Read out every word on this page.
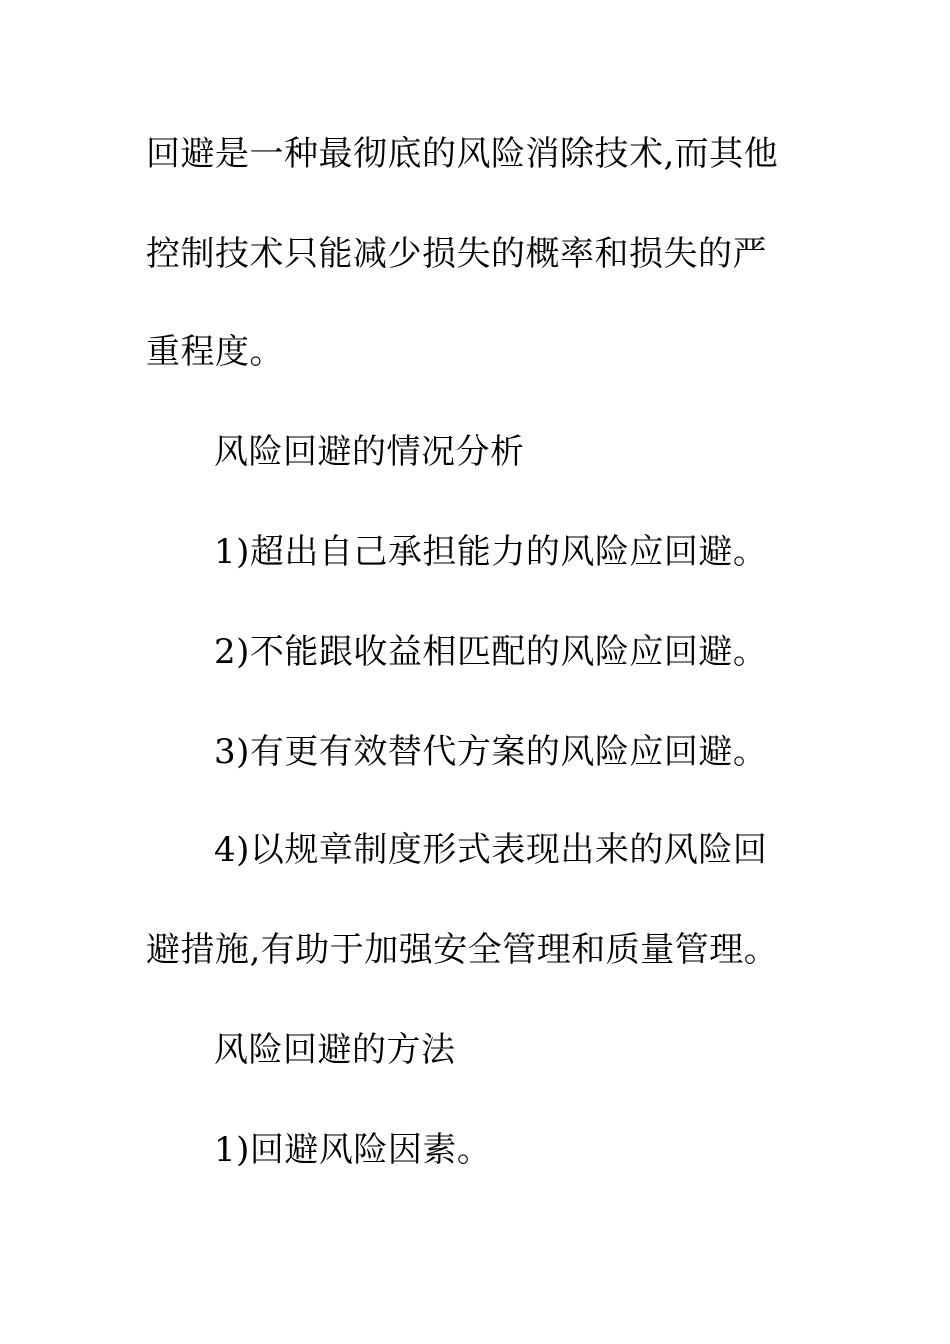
回避是一种最彻底的风险消除技术,而其他
控制技术只能减少损失的概率和损失的严
重程度。
风险回避的情况分析
1)超出自己承担能力的风险应回避。
2)不能跟收益相匹配的风险应回避。
3)有更有效替代方案的风险应回避。
4)以规章制度形式表现出来的风险回
避措施,有助于加强安全管理和质量管理。
风险回避的方法
1)回避风险因素。
